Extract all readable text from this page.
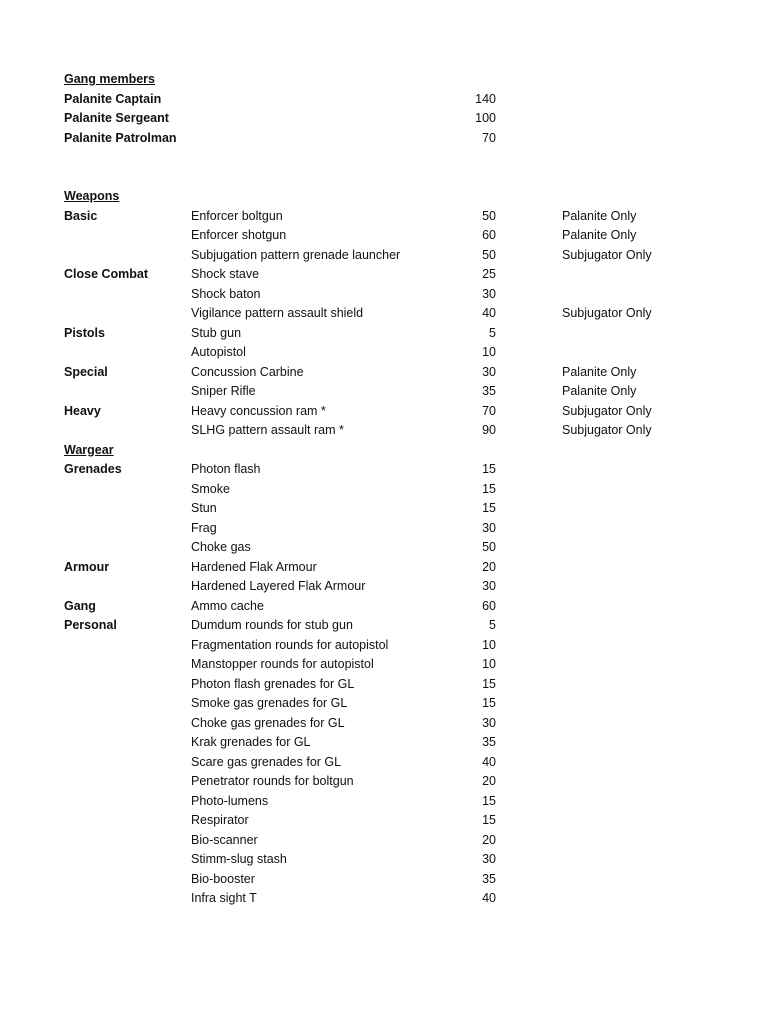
Gang members
Palanite Captain	140
Palanite Sergeant	100
Palanite Patrolman	70
Weapons
Basic	Enforcer boltgun	50	Palanite Only
Enforcer shotgun	60	Palanite Only
Subjugation pattern grenade launcher	50	Subjugator Only
Close Combat	Shock stave	25
Shock baton	30
Vigilance pattern assault shield	40	Subjugator Only
Pistols	Stub gun	5
Autopistol	10
Special	Concussion Carbine	30	Palanite Only
Sniper Rifle	35	Palanite Only
Heavy	Heavy concussion ram *	70	Subjugator Only
SLHG pattern assault ram *	90	Subjugator Only
Wargear
Grenades	Photon flash	15
Smoke	15
Stun	15
Frag	30
Choke gas	50
Armour	Hardened Flak Armour	20
Hardened Layered Flak Armour	30
Gang	Ammo cache	60
Personal	Dumdum rounds for stub gun	5
Fragmentation rounds for autopistol	10
Manstopper rounds for autopistol	10
Photon flash grenades for GL	15
Smoke gas grenades for GL	15
Choke gas grenades for GL	30
Krak grenades for GL	35
Scare gas grenades for GL	40
Penetrator rounds for boltgun	20
Photo-lumens	15
Respirator	15
Bio-scanner	20
Stimm-slug stash	30
Bio-booster	35
Infra sight T	40
